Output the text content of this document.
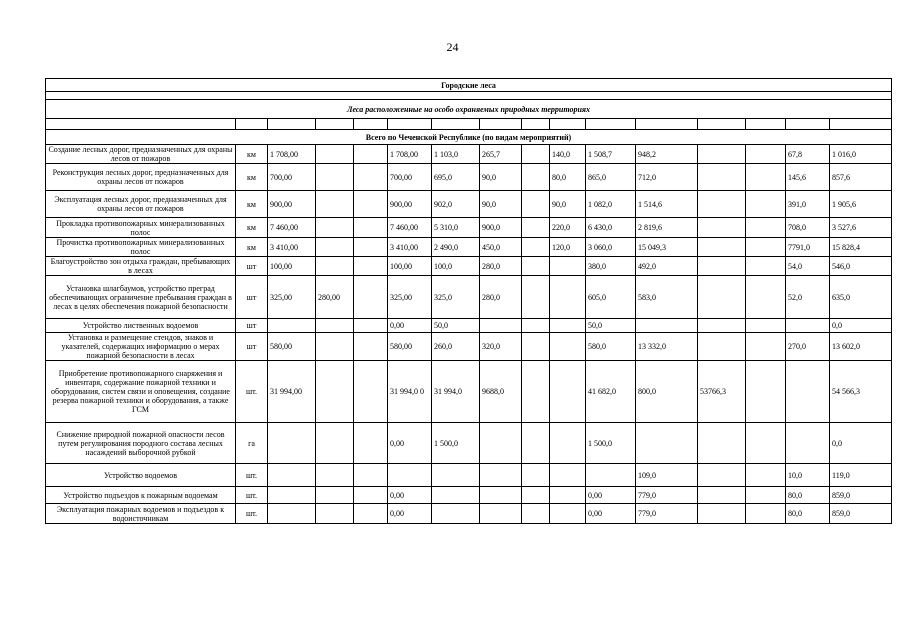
24
Городские леса															

Леса расположенные на особо охраняемых природных территориях															

Всего по Чеченской Республике (по видам мероприятий)															
Создание лесных дорог, предназначенных для охраны лесов от пожаров	км	1 708,00			1 708,00	1 103,0	265,7		140,0	1 508,7	948,2			67,8	1 016,0
Реконструкция лесных дорог, предназначенных для охраны лесов от пожаров	км	700,00			700,00	695,0	90,0		80,0	865,0	712,0			145,6	857,6
Эксплуатация лесных дорог, предназначенных для охраны лесов от пожаров	км	900,00			900,00	902,0	90,0		90,0	1 082,0	1 514,6			391,0	1 905,6
Прокладка противопожарных минерализованных полос	км	7 460,00			7 460,00	5 310,0	900,0		220,0	6 430,0	2 819,6			708,0	3 527,6
Прочистка противопожарных минерализованных полос	км	3 410,00			3 410,00	2 490,0	450,0		120,0	3 060,0	15 049,3			7791,0	15 828,4
Благоустройство зон отдыха граждан, пребывающих в лесах	шт	100,00			100,00	100,0	280,0			380,0	492,0			54,0	546,0
Установка шлагбаумов, устройство преград обеспечивающих ограничение пребывания граждан в лесах в целях обеспечения пожарной безопасности	шт	325,00	280,00		325,00	325,0	280,0			605,0	583,0			52,0	635,0
Устройство лиственных водоемов	шт				0,00	50,0				50,0					0,0
Установка и размещение стендов, знаков и указателей, содержащих информацию о мерах пожарной безопасности в лесах	шт	580,00			580,00	260,0	320,0			580,0	13 332,0			270,0	13 602,0
Приобретение противопожарного снаряжения и инвентаря, содержание пожарной техники и оборудования, систем связи и оповещения, создание резерва пожарной техники и оборудования, а также ГСМ	шт.	31 994,00			31 994,0 0	31 994,0	9688,0			41 682,0	800,0	53766,3			54 566,3
Снижение природной пожарной опасности лесов путем регулирования породного состава лесных насаждений выборочной рубкой	га				0,00	1 500,0				1 500,0					0,0
Устройство водоемов	шт.										109,0			10,0	119,0
Устройство подъездов к пожарным водоемам	шт.				0,00					0,00	779,0			80,0	859,0
Эксплуатация пожарных водоемов и подъездов к водоисточникам	шт.				0,00					0,00	779,0			80,0	859,0
